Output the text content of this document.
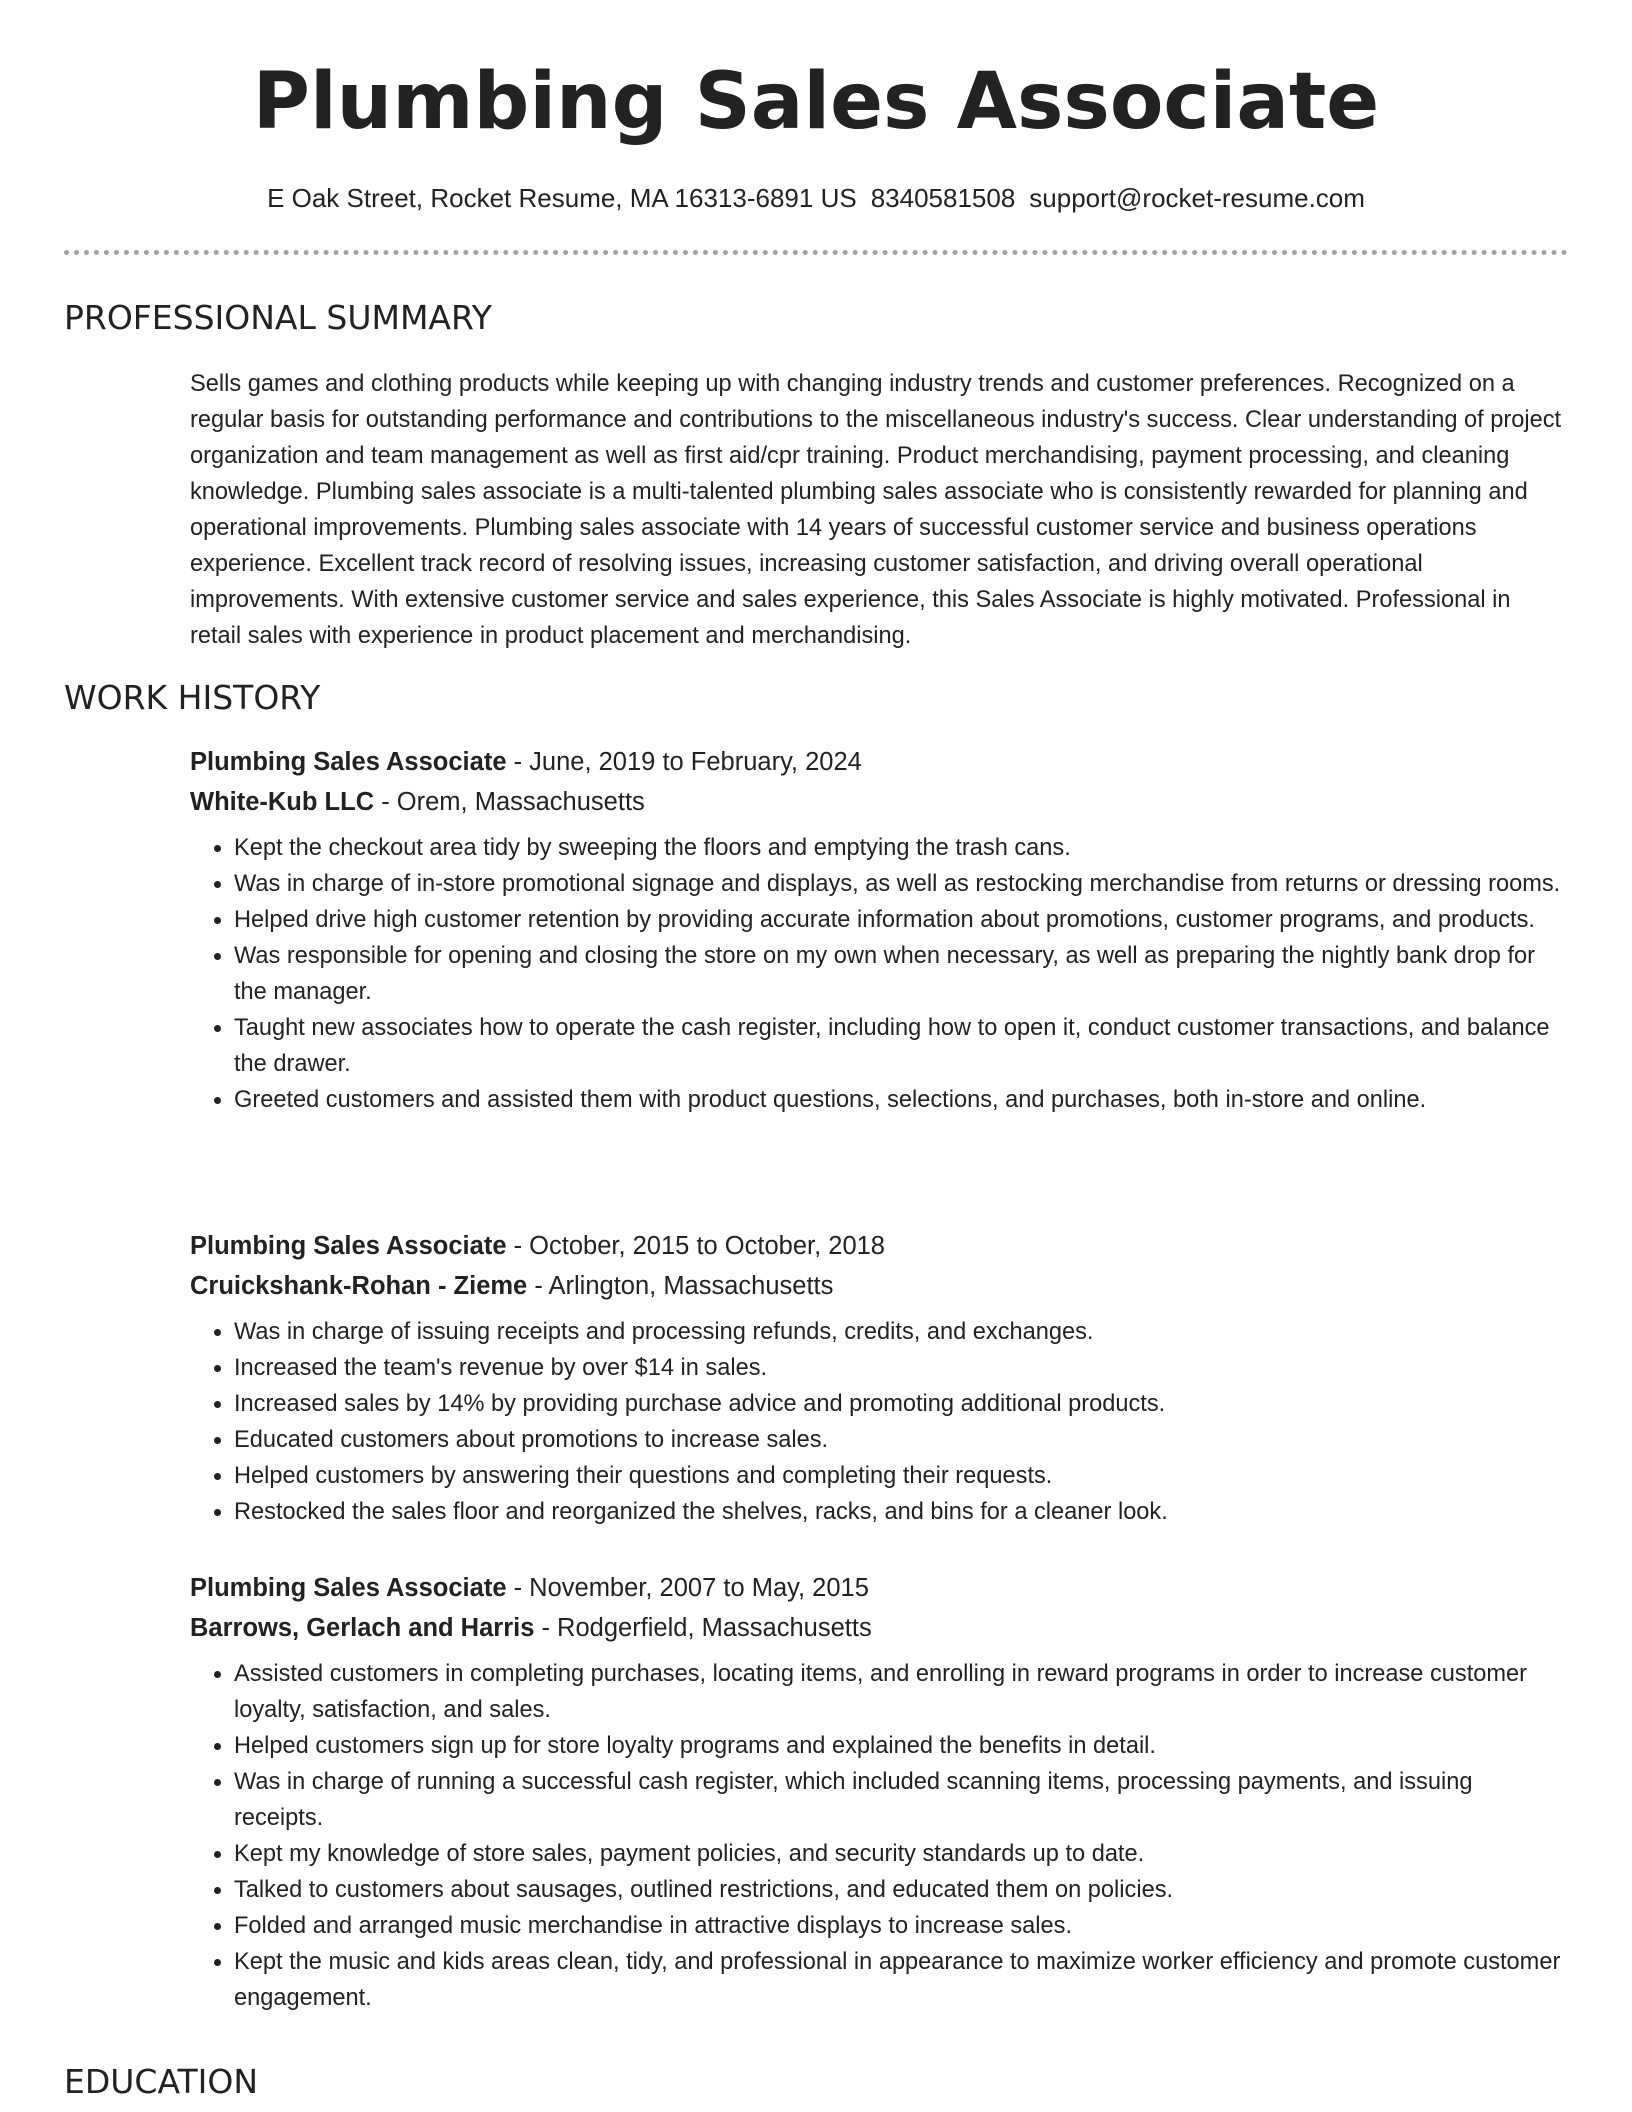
Plumbing Sales Associate
E Oak Street, Rocket Resume, MA 16313-6891 US 8340581508 support@rocket-resume.com
PROFESSIONAL SUMMARY

Sells games and clothing products while keeping up with changing industry trends and customer preferences. Recognized on a regular basis for outstanding performance and contributions to the miscellaneous industry's success. Clear understanding of project organization and team management as well as first aid/cpr training. Product merchandising, payment processing, and cleaning knowledge. Plumbing sales associate is a multi-talented plumbing sales associate who is consistently rewarded for planning and operational improvements. Plumbing sales associate with 14 years of successful customer service and business operations experience. Excellent track record of resolving issues, increasing customer satisfaction, and driving overall operational improvements. With extensive customer service and sales experience, this Sales Associate is highly motivated. Professional in retail sales with experience in product placement and merchandising.

WORK HISTORY

Plumbing Sales Associate - June, 2019 to February, 2024

White-Kub LLC - Orem, Massachusetts

• Kept the checkout area tidy by sweeping the floors and emptying the trash cans.
• Was in charge of in-store promotional signage and displays, as well as restocking merchandise from returns or dressing rooms.
• Helped drive high customer retention by providing accurate information about promotions, customer programs, and products.
• Was responsible for opening and closing the store on my own when necessary, as well as preparing the nightly bank drop for the manager.
• Taught new associates how to operate the cash register, including how to open it, conduct customer transactions, and balance the drawer.
• Greeted customers and assisted them with product questions, selections, and purchases, both in-store and online.

Plumbing Sales Associate - October, 2015 to October, 2018

Cruickshank-Rohan - Zieme - Arlington, Massachusetts

• Was in charge of issuing receipts and processing refunds, credits, and exchanges.
• Increased the team's revenue by over $14 in sales.
• Increased sales by 14% by providing purchase advice and promoting additional products.
• Educated customers about promotions to increase sales.
• Helped customers by answering their questions and completing their requests.
• Restocked the sales floor and reorganized the shelves, racks, and bins for a cleaner look.

Plumbing Sales Associate - November, 2007 to May, 2015

Barrows, Gerlach and Harris - Rodgerfield, Massachusetts

• Assisted customers in completing purchases, locating items, and enrolling in reward programs in order to increase customer loyalty, satisfaction, and sales.
• Helped customers sign up for store loyalty programs and explained the benefits in detail.
• Was in charge of running a successful cash register, which included scanning items, processing payments, and issuing receipts.
• Kept my knowledge of store sales, payment policies, and security standards up to date.
• Talked to customers about sausages, outlined restrictions, and educated them on policies.
• Folded and arranged music merchandise in attractive displays to increase sales.
• Kept the music and kids areas clean, tidy, and professional in appearance to maximize worker efficiency and promote customer engagement.
EDUCATION
